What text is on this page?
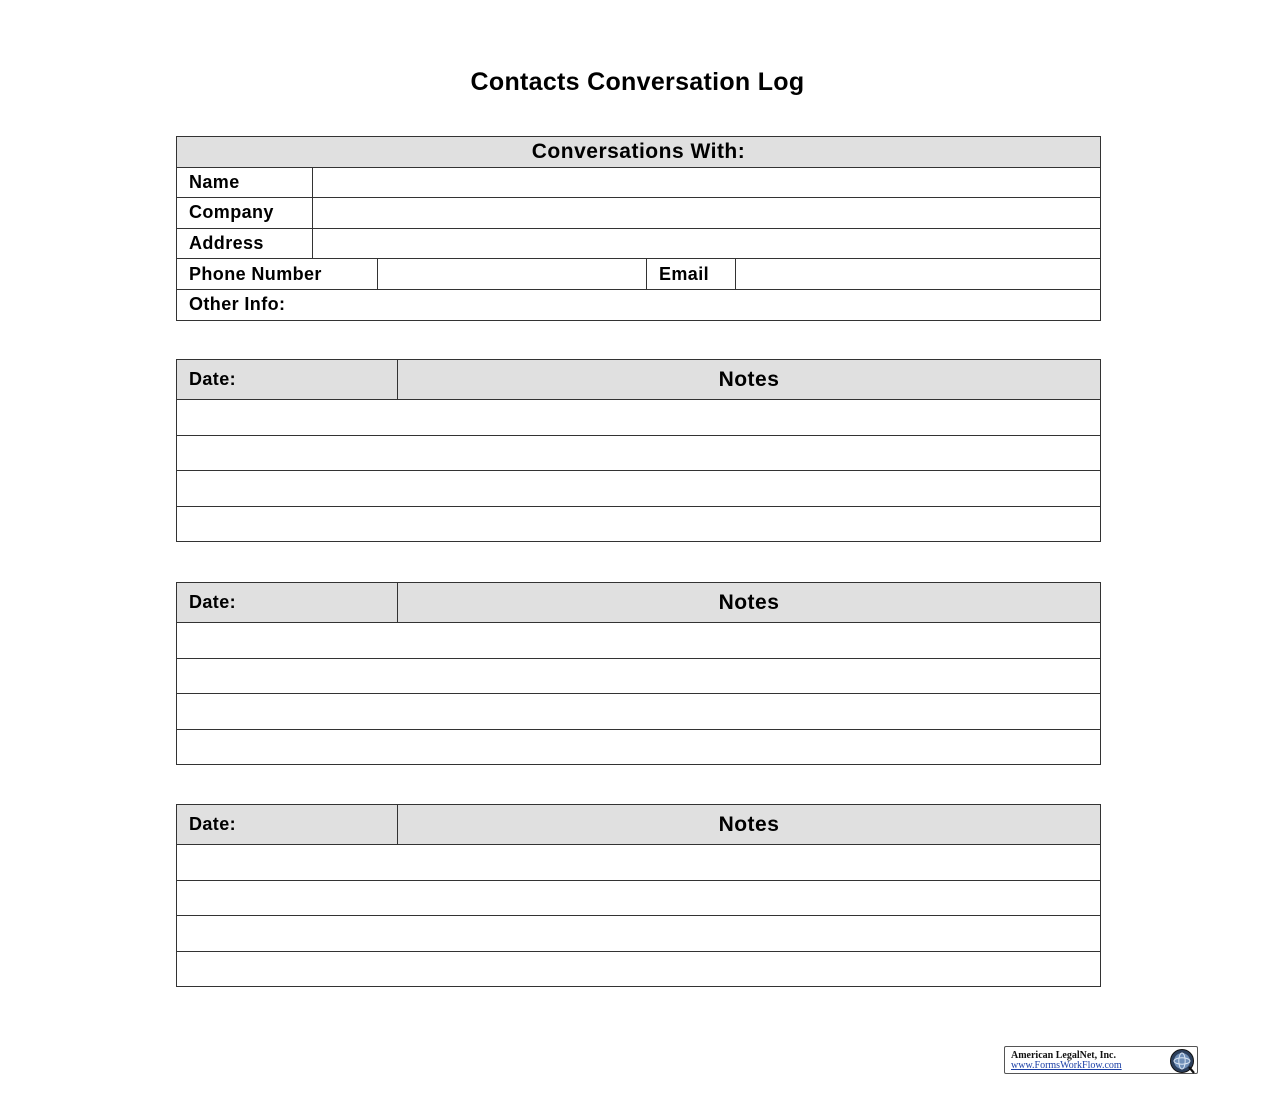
Contacts Conversation Log
Conversations With:				
Name				
Company				
Address				
Phone Number			Email	
Other Info:				
Date:	Notes

Date:	Notes

Date:	Notes

American LegalNet, Inc.
www.FormsWorkFlow.com
